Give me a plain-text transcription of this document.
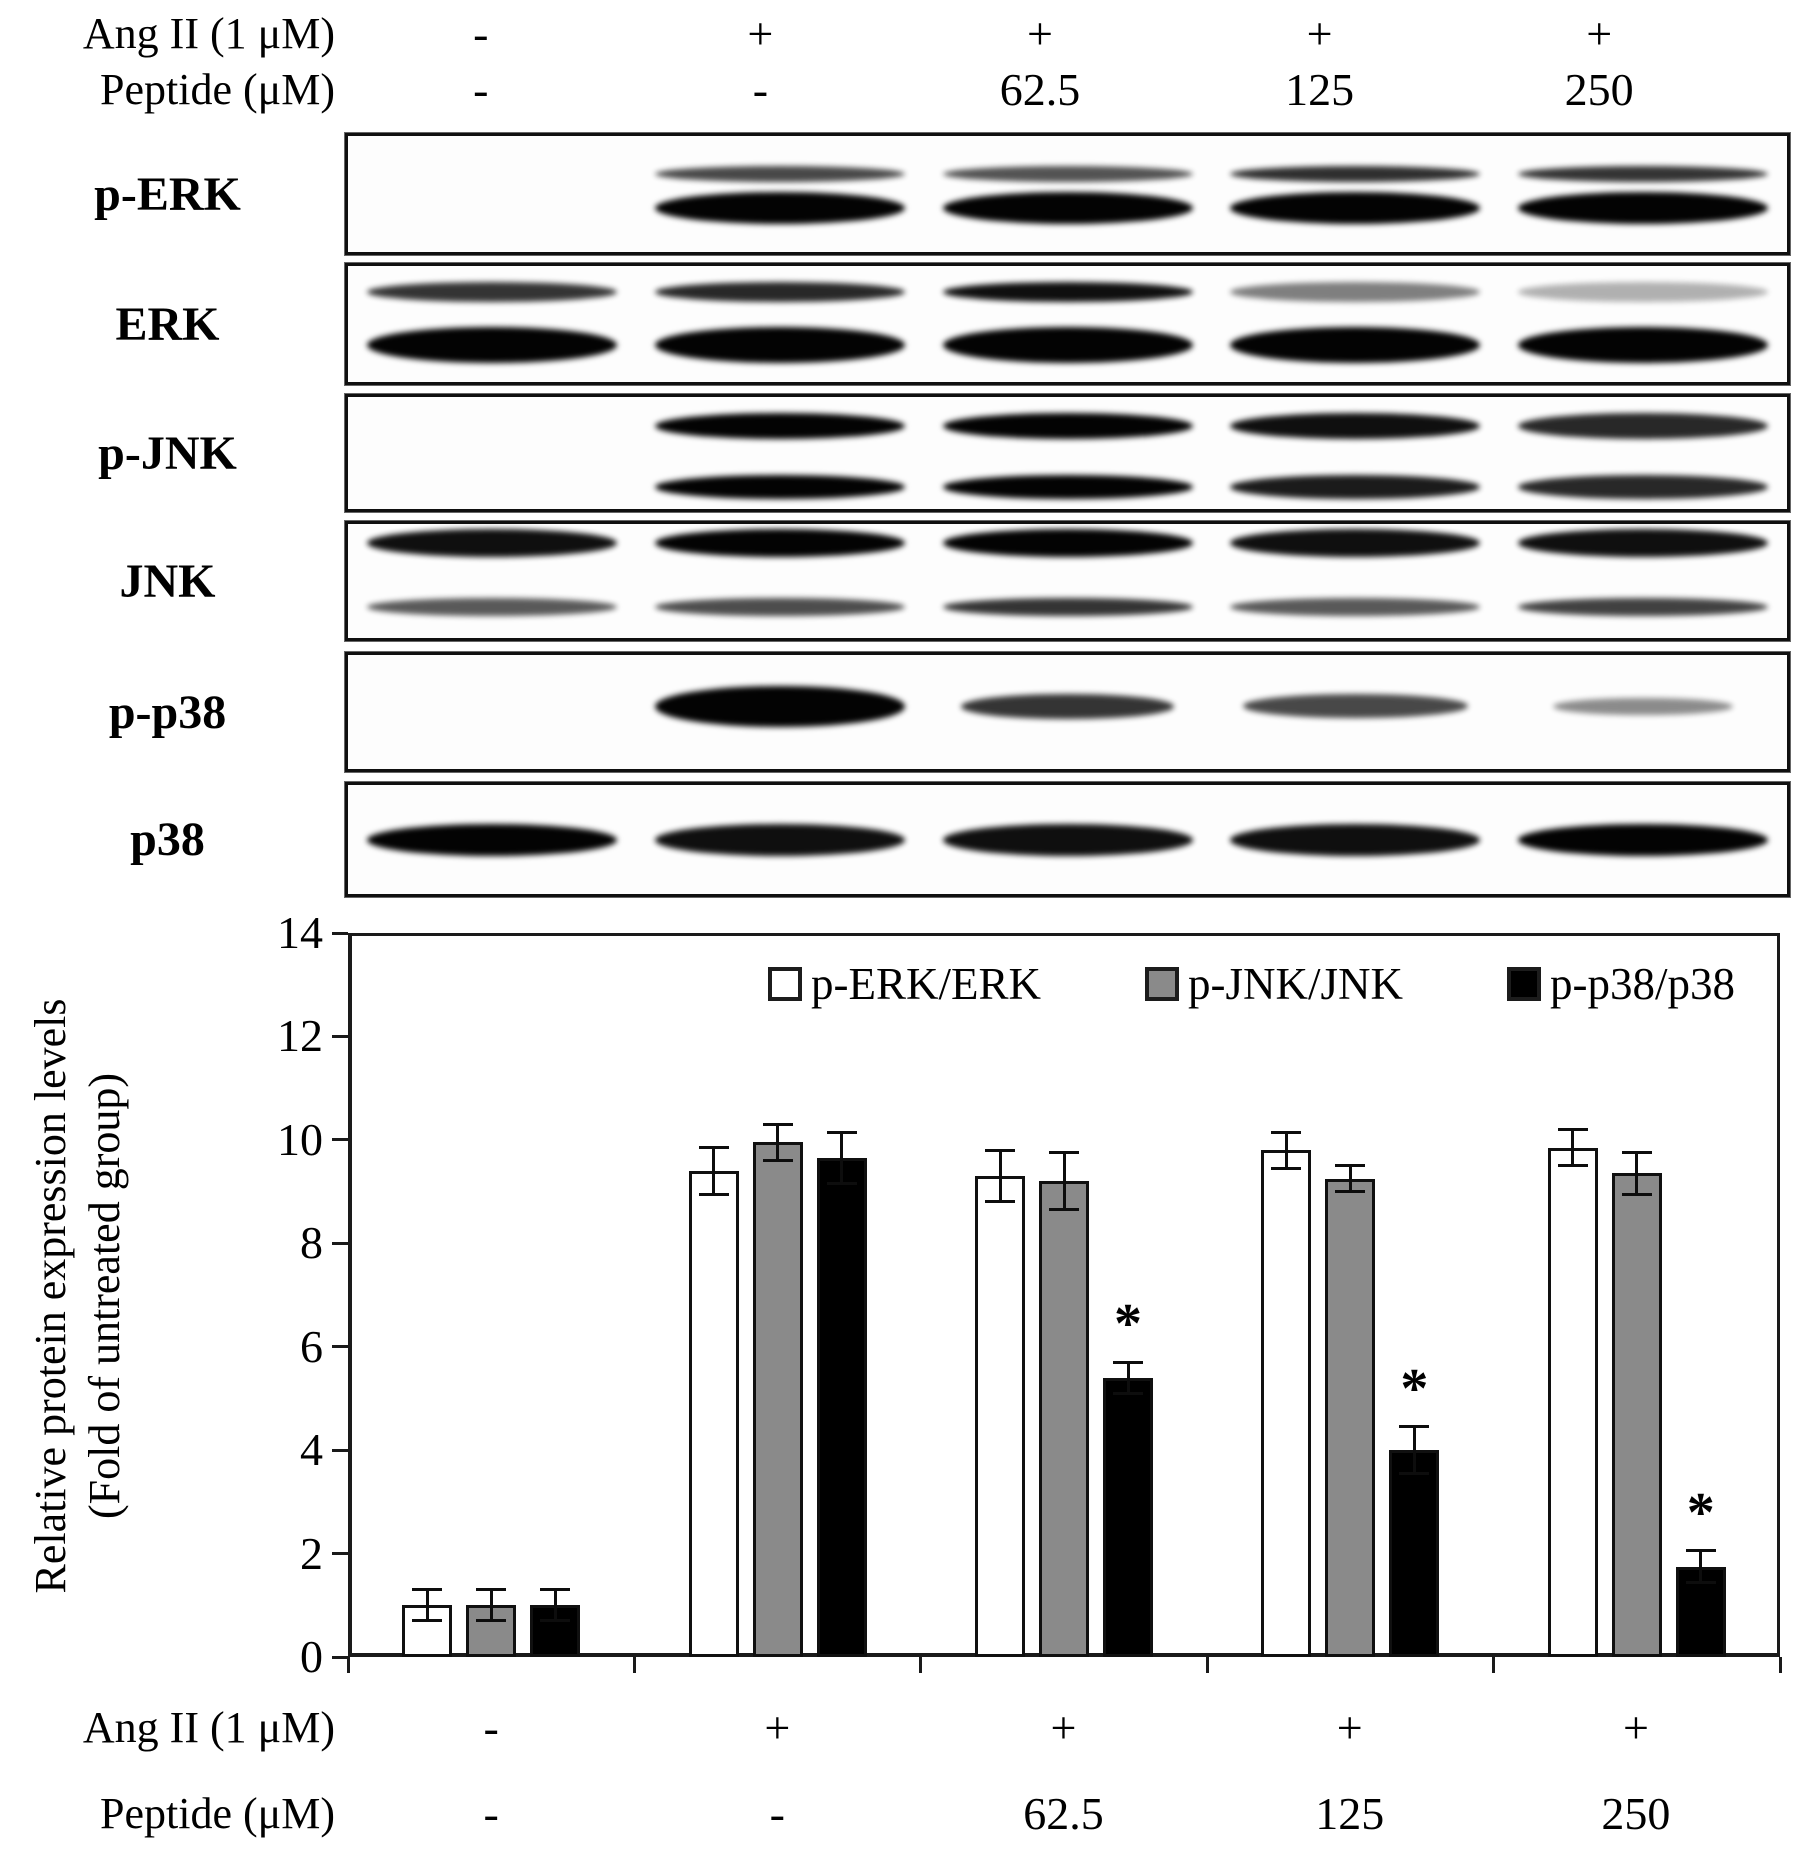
Ang II (1 μM)	-	+	+	+	+
Peptide (μM)	-	-	62.5	125	250
p-ERK
ERK
p-JNK
JNK
p-p38
p38
0
2
4
6
8
10
12
14
*
*
*
Relative protein expression levels (Fold of untreated group)
p-ERK/ERK	p-JNK/JNK	p-p38/p38
Ang II (1 μM)	-	+	+	+	+
Peptide (μM)	-	-	62.5	125	250
